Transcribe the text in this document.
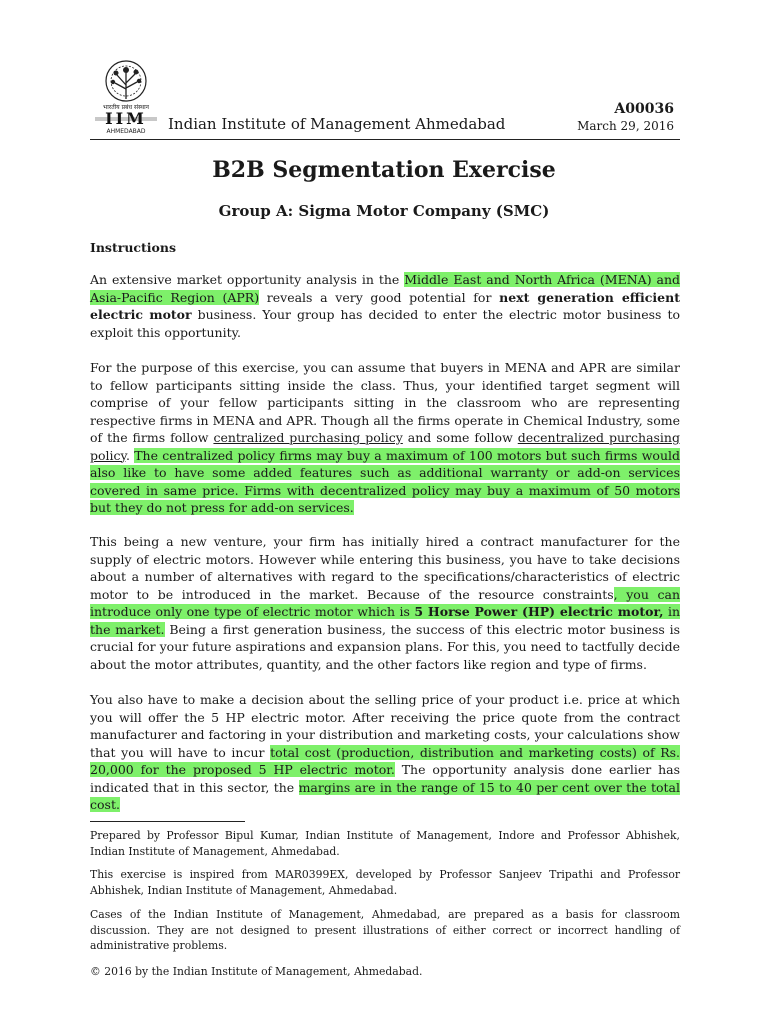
भारतीय प्रबंध संस्थान
IIM
AHMEDABAD Indian Institute of Management Ahmedabad
A00036
March 29, 2016
B2B Segmentation Exercise
Group A: Sigma Motor Company (SMC)
Instructions

An extensive market opportunity analysis in the Middle East and North Africa (MENA) and Asia-Pacific Region (APR) reveals a very good potential for next generation efficient electric motor business. Your group has decided to enter the electric motor business to exploit this opportunity.

For the purpose of this exercise, you can assume that buyers in MENA and APR are similar to fellow participants sitting inside the class. Thus, your identified target segment will comprise of your fellow participants sitting in the classroom who are representing respective firms in MENA and APR. Though all the firms operate in Chemical Industry, some of the firms follow centralized purchasing policy and some follow decentralized purchasing policy. The centralized policy firms may buy a maximum of 100 motors but such firms would also like to have some added features such as additional warranty or add-on services covered in same price. Firms with decentralized policy may buy a maximum of 50 motors but they do not press for add-on services.

This being a new venture, your firm has initially hired a contract manufacturer for the supply of electric motors. However while entering this business, you have to take decisions about a number of alternatives with regard to the specifications/characteristics of electric motor to be introduced in the market. Because of the resource constraints, you can introduce only one type of electric motor which is 5 Horse Power (HP) electric motor, in the market. Being a first generation business, the success of this electric motor business is crucial for your future aspirations and expansion plans. For this, you need to tactfully decide about the motor attributes, quantity, and the other factors like region and type of firms.

You also have to make a decision about the selling price of your product i.e. price at which you will offer the 5 HP electric motor. After receiving the price quote from the contract manufacturer and factoring in your distribution and marketing costs, your calculations show that you will have to incur total cost (production, distribution and marketing costs) of Rs. 20,000 for the proposed 5 HP electric motor. The opportunity analysis done earlier has indicated that in this sector, the margins are in the range of 15 to 40 per cent over the total cost.

Prepared by Professor Bipul Kumar, Indian Institute of Management, Indore and Professor Abhishek, Indian Institute of Management, Ahmedabad.

This exercise is inspired from MAR0399EX, developed by Professor Sanjeev Tripathi and Professor Abhishek, Indian Institute of Management, Ahmedabad.

Cases of the Indian Institute of Management, Ahmedabad, are prepared as a basis for classroom discussion. They are not designed to present illustrations of either correct or incorrect handling of administrative problems.

© 2016 by the Indian Institute of Management, Ahmedabad.
